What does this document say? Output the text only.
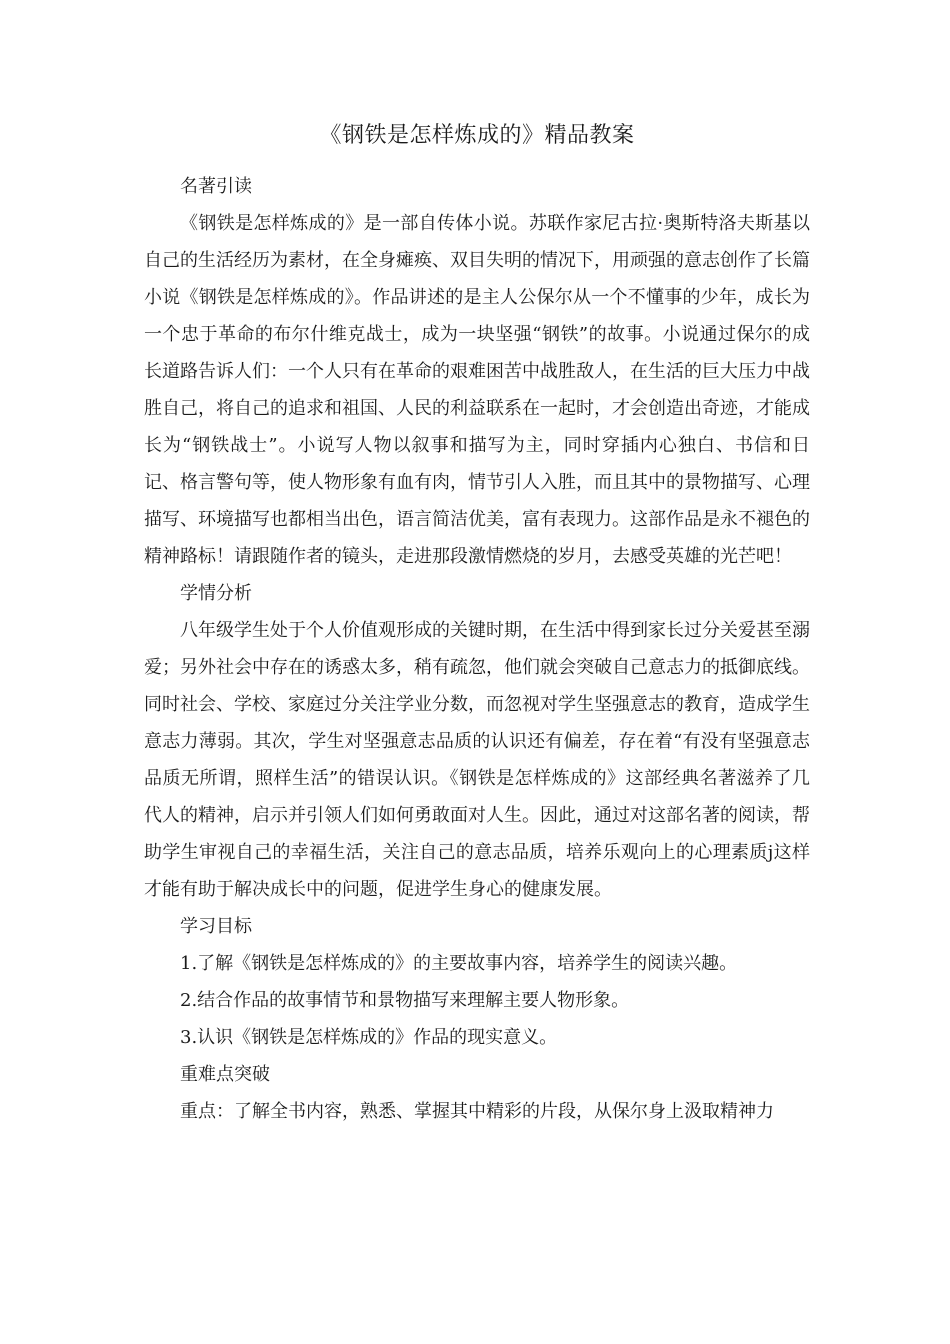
《钢铁是怎样炼成的》精品教案

名著引读

《钢铁是怎样炼成的》是一部自传体小说。苏联作家尼古拉·奥斯特洛夫斯基以自己的生活经历为素材，在全身瘫痪、双目失明的情况下，用顽强的意志创作了长篇小说《钢铁是怎样炼成的》。作品讲述的是主人公保尔从一个不懂事的少年，成长为一个忠于革命的布尔什维克战士，成为一块坚强“钢铁”的故事。小说通过保尔的成长道路告诉人们：一个人只有在革命的艰难困苦中战胜敌人，在生活的巨大压力中战胜自己，将自己的追求和祖国、人民的利益联系在一起时，才会创造出奇迹，才能成长为“钢铁战士”。小说写人物以叙事和描写为主，同时穿插内心独白、书信和日记、格言警句等，使人物形象有血有肉，情节引人入胜，而且其中的景物描写、心理描写、环境描写也都相当出色，语言简洁优美，富有表现力。这部作品是永不褪色的精神路标！请跟随作者的镜头，走进那段激情燃烧的岁月，去感受英雄的光芒吧！

学情分析

八年级学生处于个人价值观形成的关键时期，在生活中得到家长过分关爱甚至溺爱；另外社会中存在的诱惑太多，稍有疏忽，他们就会突破自己意志力的抵御底线。同时社会、学校、家庭过分关注学业分数，而忽视对学生坚强意志的教育，造成学生意志力薄弱。其次，学生对坚强意志品质的认识还有偏差，存在着“有没有坚强意志品质无所谓，照样生活”的错误认识。《钢铁是怎样炼成的》这部经典名著滋养了几代人的精神，启示并引领人们如何勇敢面对人生。因此，通过对这部名著的阅读，帮助学生审视自己的幸福生活，关注自己的意志品质，培养乐观向上的心理素质j这样才能有助于解决成长中的问题，促进学生身心的健康发展。

学习目标

1.了解《钢铁是怎样炼成的》的主要故事内容，培养学生的阅读兴趣。

2.结合作品的故事情节和景物描写来理解主要人物形象。

3.认识《钢铁是怎样炼成的》作品的现实意义。

重难点突破

重点：了解全书内容，熟悉、掌握其中精彩的片段，从保尔身上汲取精神力
